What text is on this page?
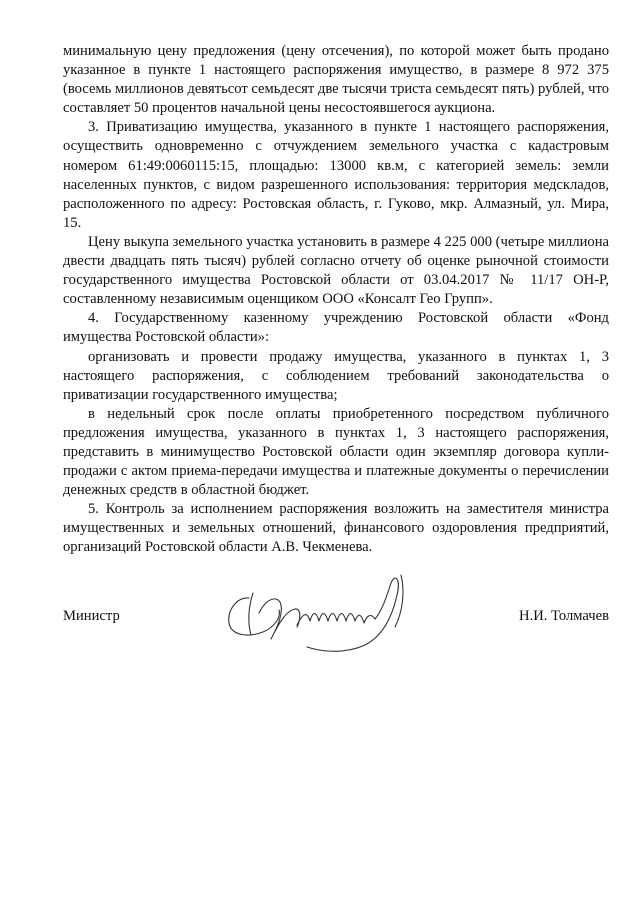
минимальную цену предложения (цену отсечения), по которой может быть продано указанное в пункте 1 настоящего распоряжения имущество, в размере 8 972 375 (восемь миллионов девятьсот семьдесят две тысячи триста семьдесят пять) рублей, что составляет 50 процентов начальной цены несостоявшегося аукциона.

3. Приватизацию имущества, указанного в пункте 1 настоящего распоряжения, осуществить одновременно с отчуждением земельного участка с кадастровым номером 61:49:0060115:15, площадью: 13000 кв.м, с категорией земель: земли населенных пунктов, с видом разрешенного использования: территория медскладов, расположенного по адресу: Ростовская область, г. Гуково, мкр. Алмазный, ул. Мира, 15.

Цену выкупа земельного участка установить в размере 4 225 000 (четыре миллиона двести двадцать пять тысяч) рублей согласно отчету об оценке рыночной стоимости государственного имущества Ростовской области от 03.04.2017 № 11/17 ОН-Р, составленному независимым оценщиком ООО «Консалт Гео Групп».

4. Государственному казенному учреждению Ростовской области «Фонд имущества Ростовской области»:

организовать и провести продажу имущества, указанного в пунктах 1, 3 настоящего распоряжения, с соблюдением требований законодательства о приватизации государственного имущества;

в недельный срок после оплаты приобретенного посредством публичного предложения имущества, указанного в пунктах 1, 3 настоящего распоряжения, представить в минимущество Ростовской области один экземпляр договора купли-продажи с актом приема-передачи имущества и платежные документы о перечислении денежных средств в областной бюджет.

5. Контроль за исполнением распоряжения возложить на заместителя министра имущественных и земельных отношений, финансового оздоровления предприятий, организаций Ростовской области А.В. Чекменева.

Министр	Н.И. Толмачев
